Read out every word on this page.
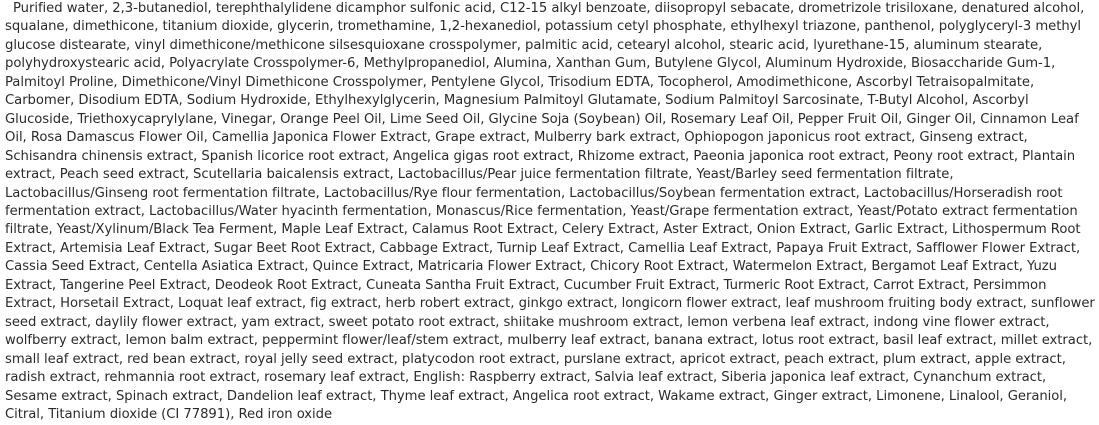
Purified water, 2,3-butanediol, terephthalylidene dicamphor sulfonic acid, C12-15 alkyl benzoate, diisopropyl sebacate, drometrizole trisiloxane, denatured alcohol, squalane, dimethicone, titanium dioxide, glycerin, tromethamine, 1,2-hexanediol, potassium cetyl phosphate, ethylhexyl triazone, panthenol, polyglyceryl-3 methyl glucose distearate, vinyl dimethicone/methicone silsesquioxane crosspolymer, palmitic acid, cetearyl alcohol, stearic acid, lyurethane-15, aluminum stearate, polyhydroxystearic acid, Polyacrylate Crosspolymer-6, Methylpropanediol, Alumina, Xanthan Gum, Butylene Glycol, Aluminum Hydroxide, Biosaccharide Gum-1, Palmitoyl Proline, Dimethicone/Vinyl Dimethicone Crosspolymer, Pentylene Glycol, Trisodium EDTA, Tocopherol, Amodimethicone, Ascorbyl Tetraisopalmitate, Carbomer, Disodium EDTA, Sodium Hydroxide, Ethylhexylglycerin, Magnesium Palmitoyl Glutamate, Sodium Palmitoyl Sarcosinate, T-Butyl Alcohol, Ascorbyl Glucoside, Triethoxycaprylylane, Vinegar, Orange Peel Oil, Lime Seed Oil, Glycine Soja (Soybean) Oil, Rosemary Leaf Oil, Pepper Fruit Oil, Ginger Oil, Cinnamon Leaf Oil, Rosa Damascus Flower Oil, Camellia Japonica Flower Extract, Grape extract, Mulberry bark extract, Ophiopogon japonicus root extract, Ginseng extract, Schisandra chinensis extract, Spanish licorice root extract, Angelica gigas root extract, Rhizome extract, Paeonia japonica root extract, Peony root extract, Plantain extract, Peach seed extract, Scutellaria baicalensis extract, Lactobacillus/Pear juice fermentation filtrate, Yeast/Barley seed fermentation filtrate, Lactobacillus/Ginseng root fermentation filtrate, Lactobacillus/Rye flour fermentation, Lactobacillus/Soybean fermentation extract, Lactobacillus/Horseradish root fermentation extract, Lactobacillus/Water hyacinth fermentation, Monascus/Rice fermentation, Yeast/Grape fermentation extract, Yeast/Potato extract fermentation filtrate, Yeast/Xylinum/Black Tea Ferment, Maple Leaf Extract, Calamus Root Extract, Celery Extract, Aster Extract, Onion Extract, Garlic Extract, Lithospermum Root Extract, Artemisia Leaf Extract, Sugar Beet Root Extract, Cabbage Extract, Turnip Leaf Extract, Camellia Leaf Extract, Papaya Fruit Extract, Safflower Flower Extract, Cassia Seed Extract, Centella Asiatica Extract, Quince Extract, Matricaria Flower Extract, Chicory Root Extract, Watermelon Extract, Bergamot Leaf Extract, Yuzu Extract, Tangerine Peel Extract, Deodeok Root Extract, Cuneata Santha Fruit Extract, Cucumber Fruit Extract, Turmeric Root Extract, Carrot Extract, Persimmon Extract, Horsetail Extract, Loquat leaf extract, fig extract, herb robert extract, ginkgo extract, longicorn flower extract, leaf mushroom fruiting body extract, sunflower seed extract, daylily flower extract, yam extract, sweet potato root extract, shiitake mushroom extract, lemon verbena leaf extract, indong vine flower extract, wolfberry extract, lemon balm extract, peppermint flower/leaf/stem extract, mulberry leaf extract, banana extract, lotus root extract, basil leaf extract, millet extract, small leaf extract, red bean extract, royal jelly seed extract, platycodon root extract, purslane extract, apricot extract, peach extract, plum extract, apple extract, radish extract, rehmannia root extract, rosemary leaf extract, English: Raspberry extract, Salvia leaf extract, Siberia japonica leaf extract, Cynanchum extract, Sesame extract, Spinach extract, Dandelion leaf extract, Thyme leaf extract, Angelica root extract, Wakame extract, Ginger extract, Limonene, Linalool, Geraniol, Citral, Titanium dioxide (CI 77891), Red iron oxide
